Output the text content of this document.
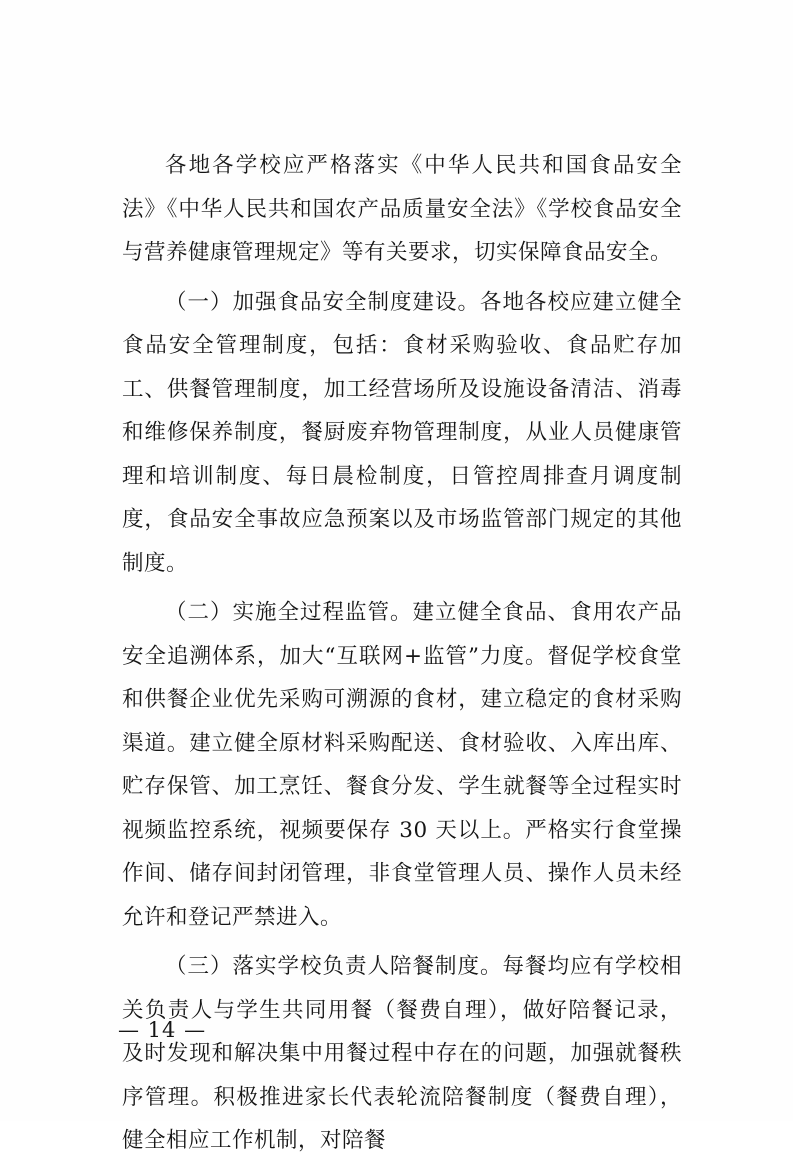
各地各学校应严格落实《中华人民共和国食品安全法》《中华人民共和国农产品质量安全法》《学校食品安全与营养健康管理规定》等有关要求，切实保障食品安全。

（一）加强食品安全制度建设。各地各校应建立健全食品安全管理制度，包括：食材采购验收、食品贮存加工、供餐管理制度，加工经营场所及设施设备清洁、消毒和维修保养制度，餐厨废弃物管理制度，从业人员健康管理和培训制度、每日晨检制度，日管控周排查月调度制度，食品安全事故应急预案以及市场监管部门规定的其他制度。

（二）实施全过程监管。建立健全食品、食用农产品安全追溯体系，加大“互联网+监管”力度。督促学校食堂和供餐企业优先采购可溯源的食材，建立稳定的食材采购渠道。建立健全原材料采购配送、食材验收、入库出库、贮存保管、加工烹饪、餐食分发、学生就餐等全过程实时视频监控系统，视频要保存 30 天以上。严格实行食堂操作间、储存间封闭管理，非食堂管理人员、操作人员未经允许和登记严禁进入。

（三）落实学校负责人陪餐制度。每餐均应有学校相关负责人与学生共同用餐（餐费自理），做好陪餐记录，及时发现和解决集中用餐过程中存在的问题，加强就餐秩序管理。积极推进家长代表轮流陪餐制度（餐费自理），健全相应工作机制，对陪餐

— 14 —
